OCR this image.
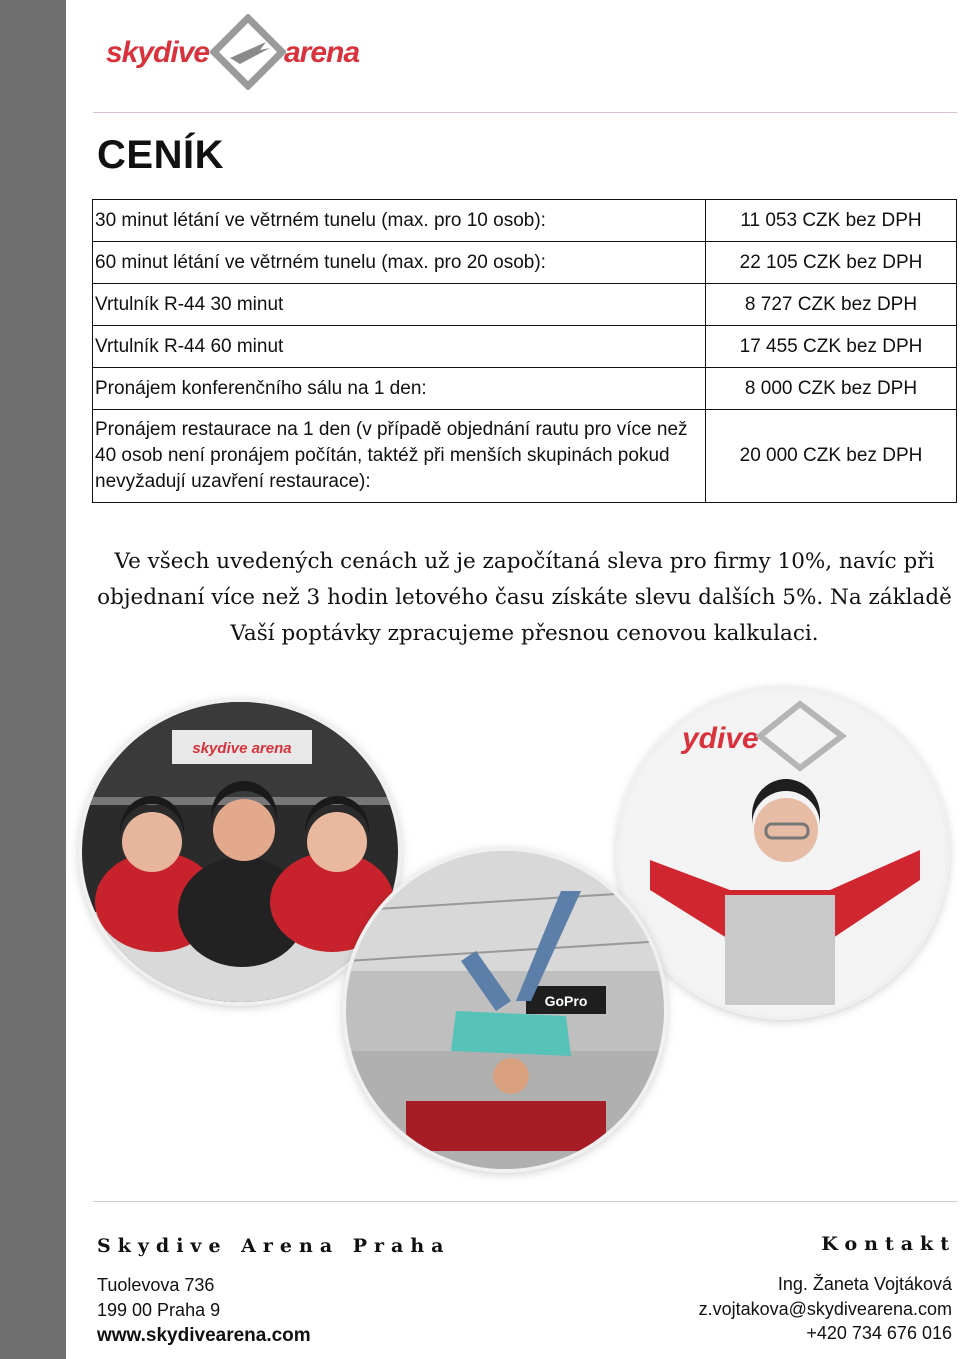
skydive arena
CENÍK
30 minut létání ve větrném tunelu (max. pro 10 osob):	11 053 CZK bez DPH
60 minut létání ve větrném tunelu (max. pro 20 osob):	22 105 CZK bez DPH
Vrtulník R-44 30 minut	8 727 CZK bez DPH
Vrtulník R-44 60 minut	17 455 CZK bez DPH
Pronájem konferenčního sálu na 1 den:	8 000 CZK bez DPH
Pronájem restaurace na 1 den (v případě objednání rautu pro více než 40 osob není pronájem počítán, taktéž při menších skupinách pokud nevyžadují uzavření restaurace):	20 000 CZK bez DPH
Ve všech uvedených cenách už je započítaná sleva pro firmy 10%, navíc při
objednaní více než 3 hodin letového času získáte slevu dalších 5%. Na základě
Vaší poptávky zpracujeme přesnou cenovou kalkulaci.
skydive arena	ydive
GoPro
Skydive Arena Praha
Tuolevova 736
199 00 Praha 9
www.skydivearena.com
Kontakt
Ing. Žaneta Vojtáková
z.vojtakova@skydivearena.com
+420 734 676 016
